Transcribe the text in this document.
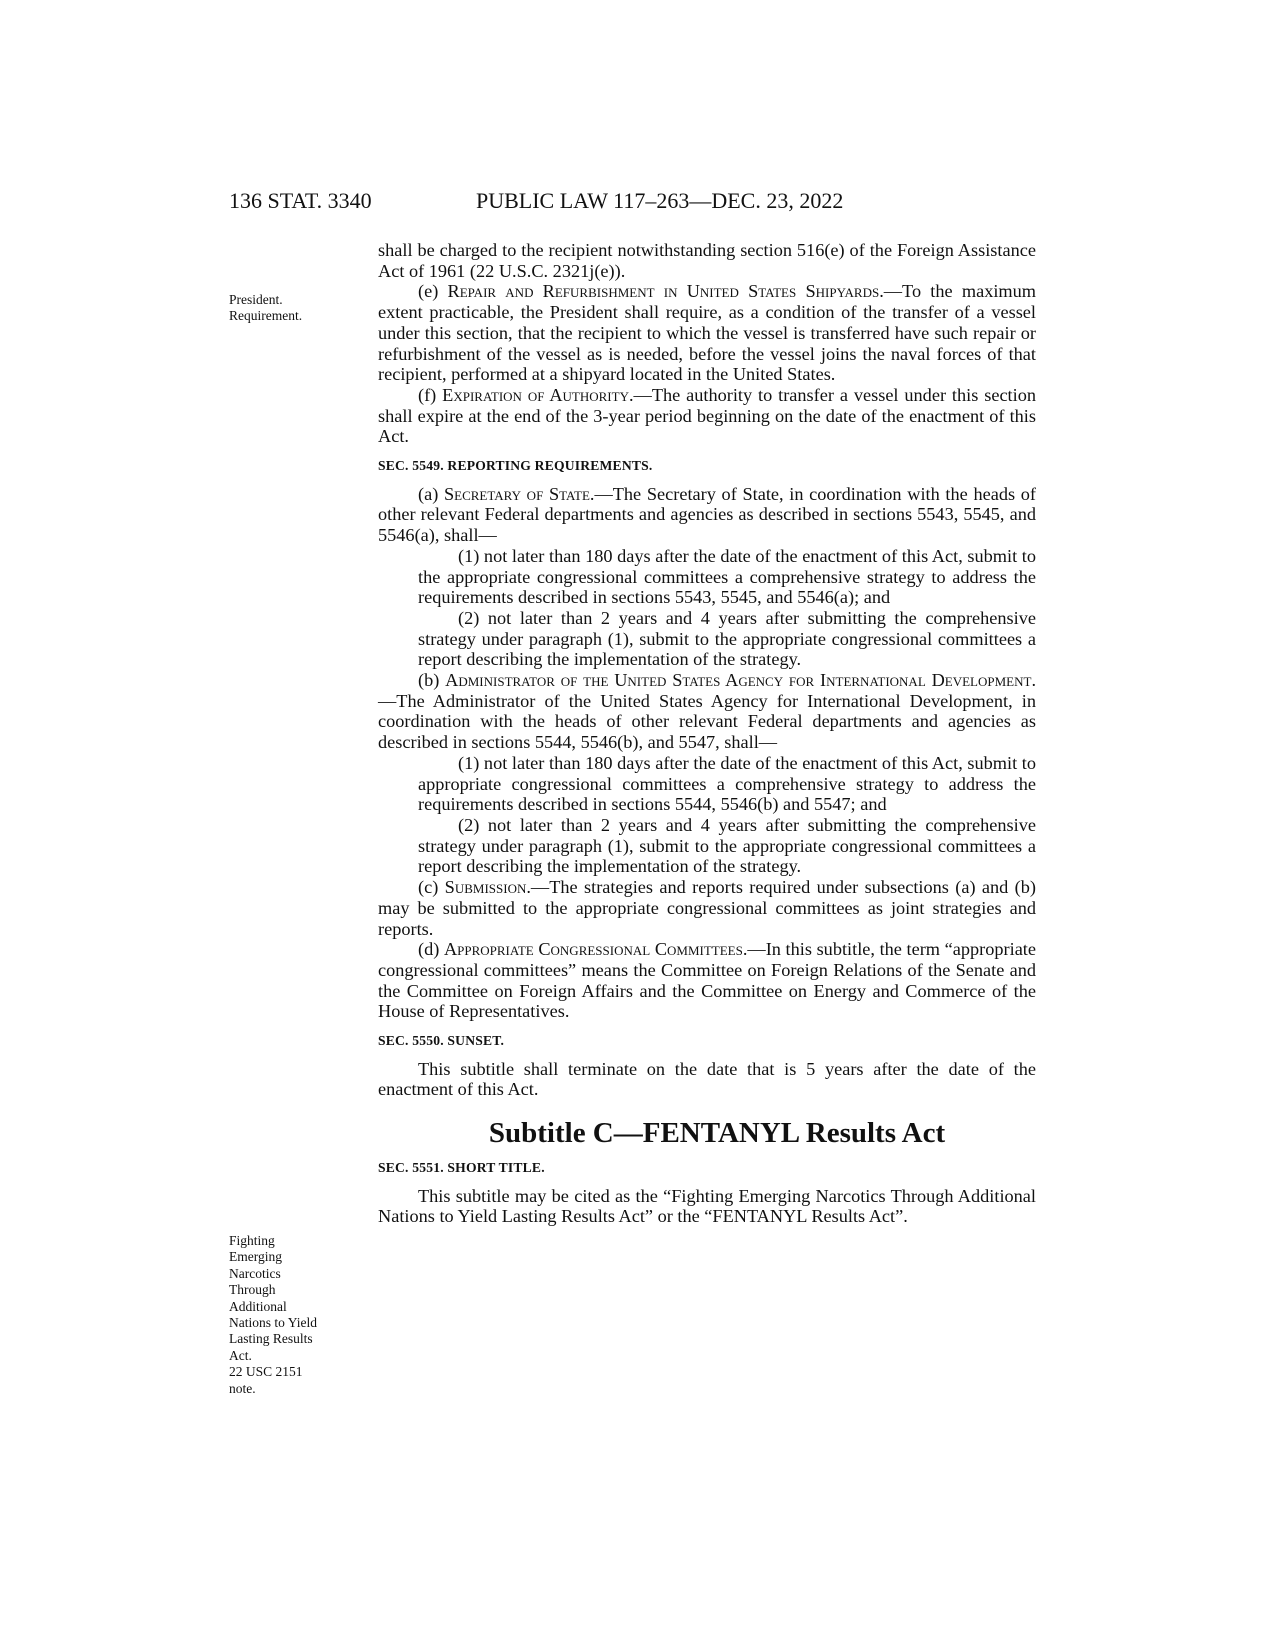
136 STAT. 3340	PUBLIC LAW 117–263—DEC. 23, 2022
President.
Requirement.
Fighting
Emerging
Narcotics
Through
Additional
Nations to Yield
Lasting Results
Act.
22 USC 2151
note.

shall be charged to the recipient notwithstanding section 516(e) of the Foreign Assistance Act of 1961 (22 U.S.C. 2321j(e)).

(e) Repair and Refurbishment in United States Shipyards.—To the maximum extent practicable, the President shall require, as a condition of the transfer of a vessel under this section, that the recipient to which the vessel is transferred have such repair or refurbishment of the vessel as is needed, before the vessel joins the naval forces of that recipient, performed at a shipyard located in the United States.

(f) Expiration of Authority.—The authority to transfer a vessel under this section shall expire at the end of the 3-year period beginning on the date of the enactment of this Act.

SEC. 5549. REPORTING REQUIREMENTS.

(a) Secretary of State.—The Secretary of State, in coordination with the heads of other relevant Federal departments and agencies as described in sections 5543, 5545, and 5546(a), shall—

(1) not later than 180 days after the date of the enactment of this Act, submit to the appropriate congressional committees a comprehensive strategy to address the requirements described in sections 5543, 5545, and 5546(a); and

(2) not later than 2 years and 4 years after submitting the comprehensive strategy under paragraph (1), submit to the appropriate congressional committees a report describing the implementation of the strategy.

(b) Administrator of the United States Agency for International Development.—The Administrator of the United States Agency for International Development, in coordination with the heads of other relevant Federal departments and agencies as described in sections 5544, 5546(b), and 5547, shall—

(1) not later than 180 days after the date of the enactment of this Act, submit to appropriate congressional committees a comprehensive strategy to address the requirements described in sections 5544, 5546(b) and 5547; and

(2) not later than 2 years and 4 years after submitting the comprehensive strategy under paragraph (1), submit to the appropriate congressional committees a report describing the implementation of the strategy.

(c) Submission.—The strategies and reports required under subsections (a) and (b) may be submitted to the appropriate congressional committees as joint strategies and reports.

(d) Appropriate Congressional Committees.—In this subtitle, the term “appropriate congressional committees” means the Committee on Foreign Relations of the Senate and the Committee on Foreign Affairs and the Committee on Energy and Commerce of the House of Representatives.

SEC. 5550. SUNSET.

This subtitle shall terminate on the date that is 5 years after the date of the enactment of this Act.

Subtitle C—FENTANYL Results Act
SEC. 5551. SHORT TITLE.

This subtitle may be cited as the “Fighting Emerging Narcotics Through Additional Nations to Yield Lasting Results Act” or the “FENTANYL Results Act”.
